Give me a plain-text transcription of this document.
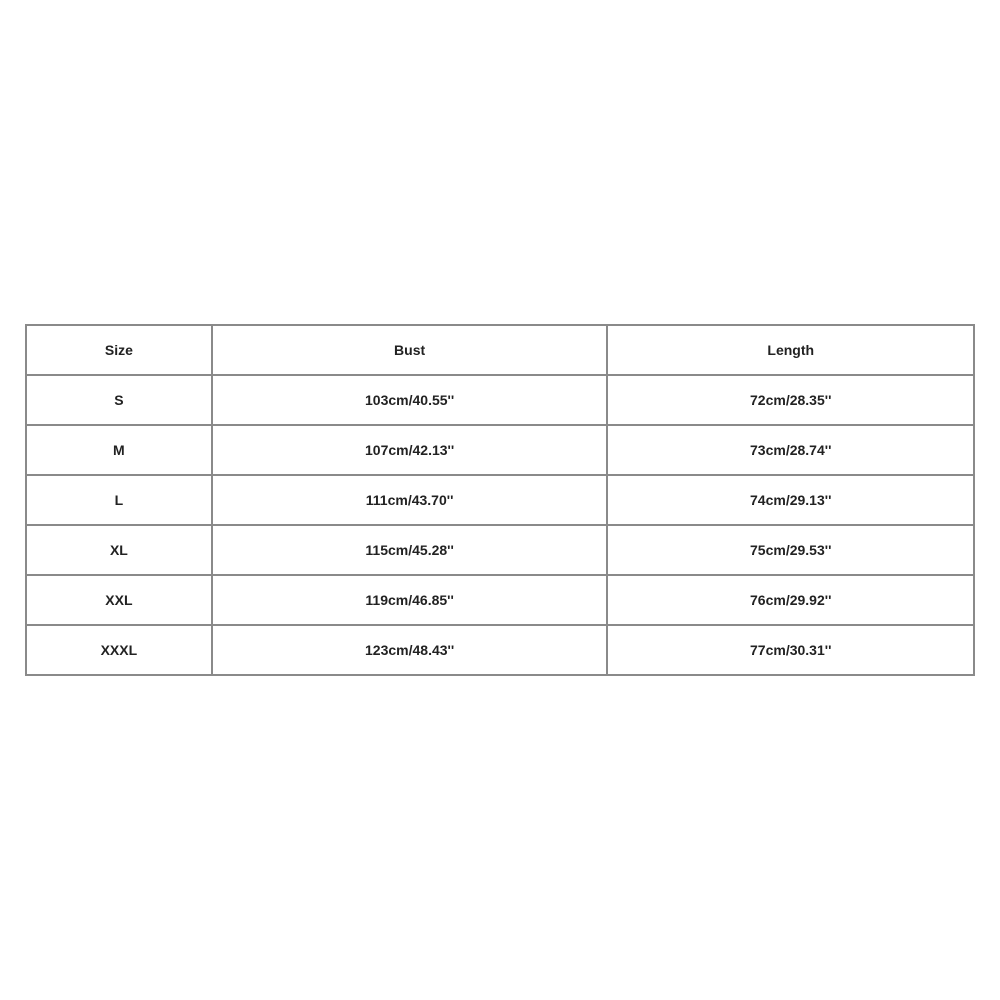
Size	Bust	Length
S	103cm/40.55''	72cm/28.35''
M	107cm/42.13''	73cm/28.74''
L	111cm/43.70''	74cm/29.13''
XL	115cm/45.28''	75cm/29.53''
XXL	119cm/46.85''	76cm/29.92''
XXXL	123cm/48.43''	77cm/30.31''
